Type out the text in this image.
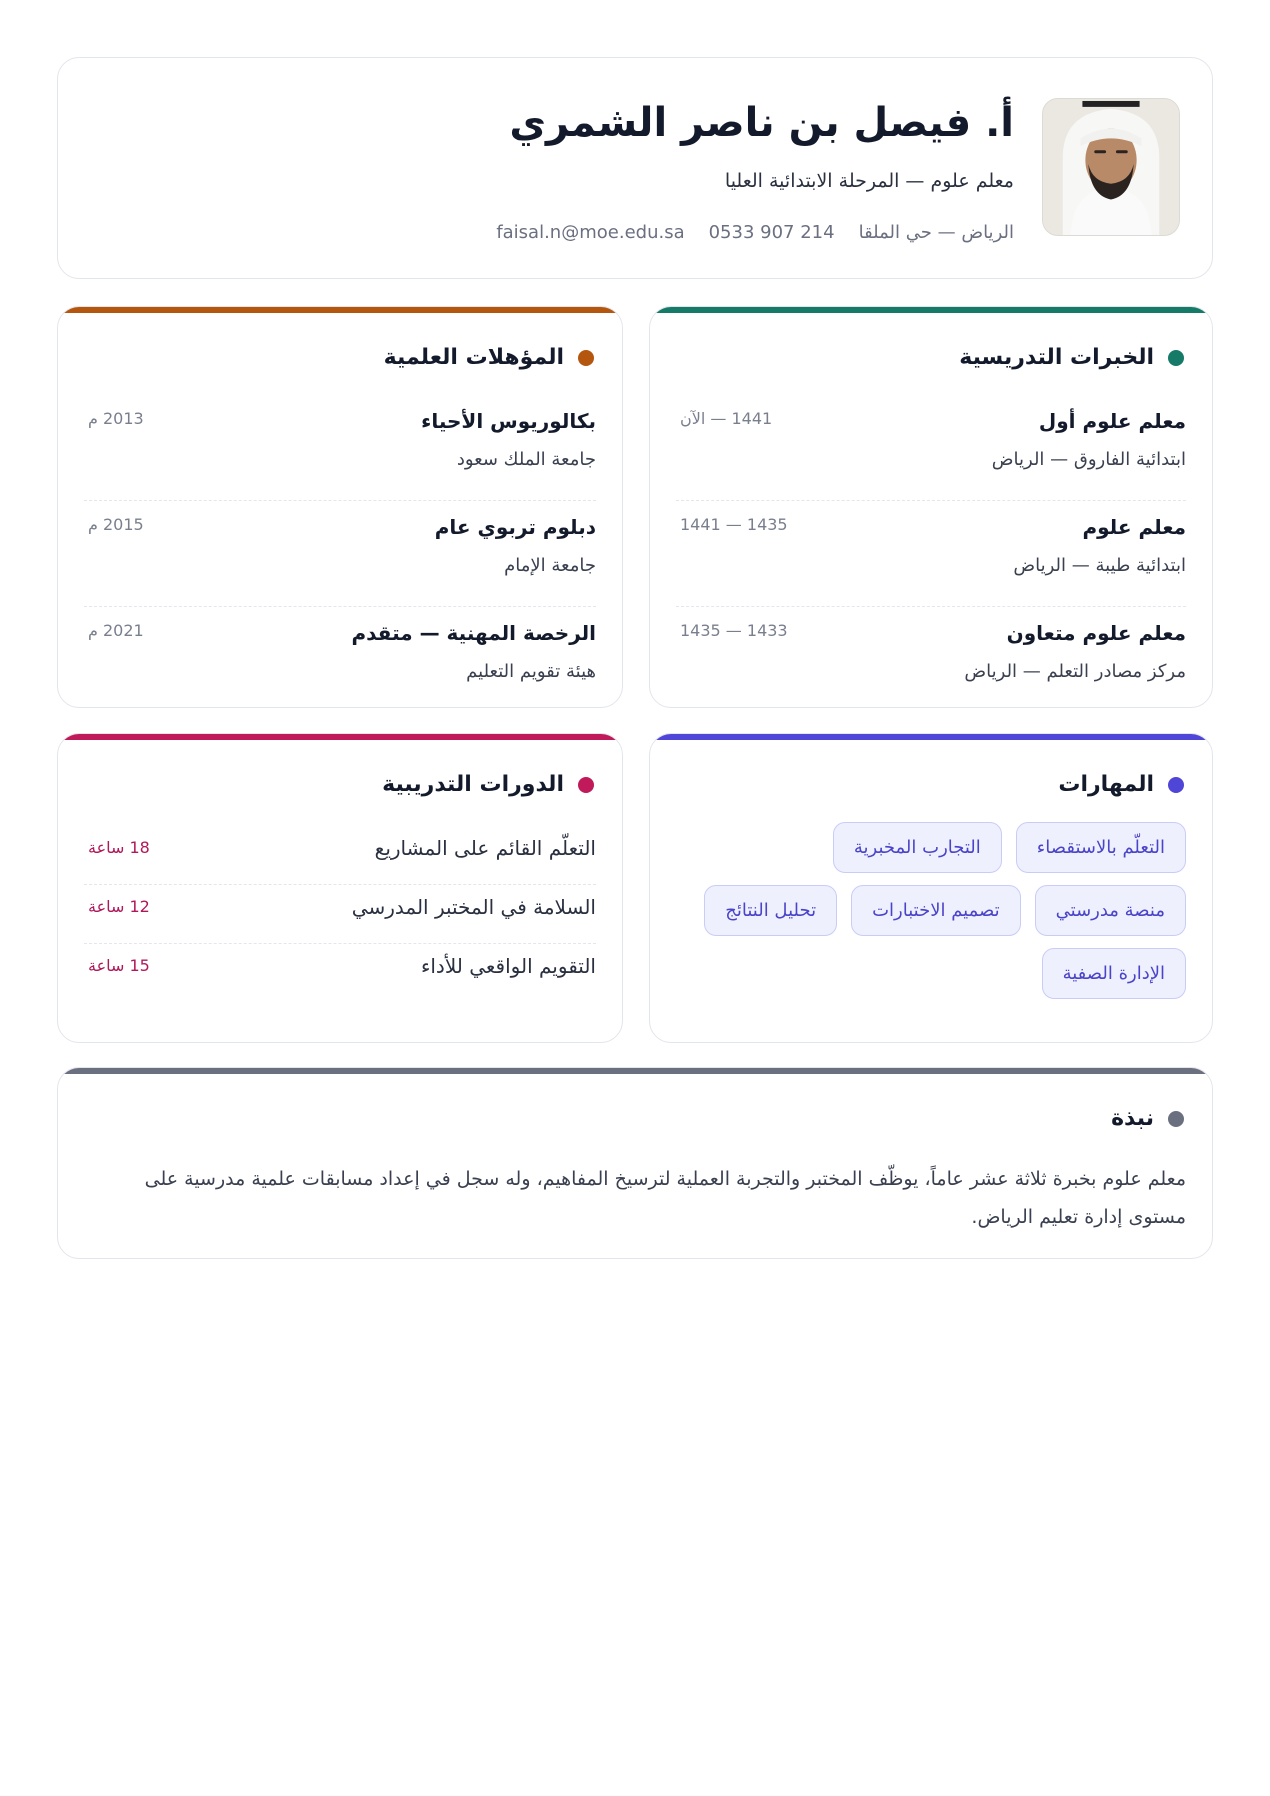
أ. فيصل بن ناصر الشمري
معلم علوم — المرحلة الابتدائية العليا
الرياض — حي الملقا
0533 907 214
faisal.n@moe.edu.sa
الخبرات التدريسية
معلم علوم أول
ابتدائية الفاروق — الرياض
1441 — الآن
معلم علوم
ابتدائية طيبة — الرياض
1435 — 1441
معلم علوم متعاون
مركز مصادر التعلم — الرياض
1433 — 1435
المؤهلات العلمية
بكالوريوس الأحياء
جامعة الملك سعود
2013 م
دبلوم تربوي عام
جامعة الإمام
2015 م
الرخصة المهنية — متقدم
هيئة تقويم التعليم
2021 م
المهارات
التعلّم بالاستقصاء
التجارب المخبرية
منصة مدرستي
تصميم الاختبارات
تحليل النتائج
الإدارة الصفية
الدورات التدريبية
التعلّم القائم على المشاريع
18 ساعة
السلامة في المختبر المدرسي
12 ساعة
التقويم الواقعي للأداء
15 ساعة
نبذة
معلم علوم بخبرة ثلاثة عشر عاماً، يوظّف المختبر والتجربة العملية لترسيخ المفاهيم، وله سجل في إعداد مسابقات علمية مدرسية على مستوى إدارة تعليم الرياض.
